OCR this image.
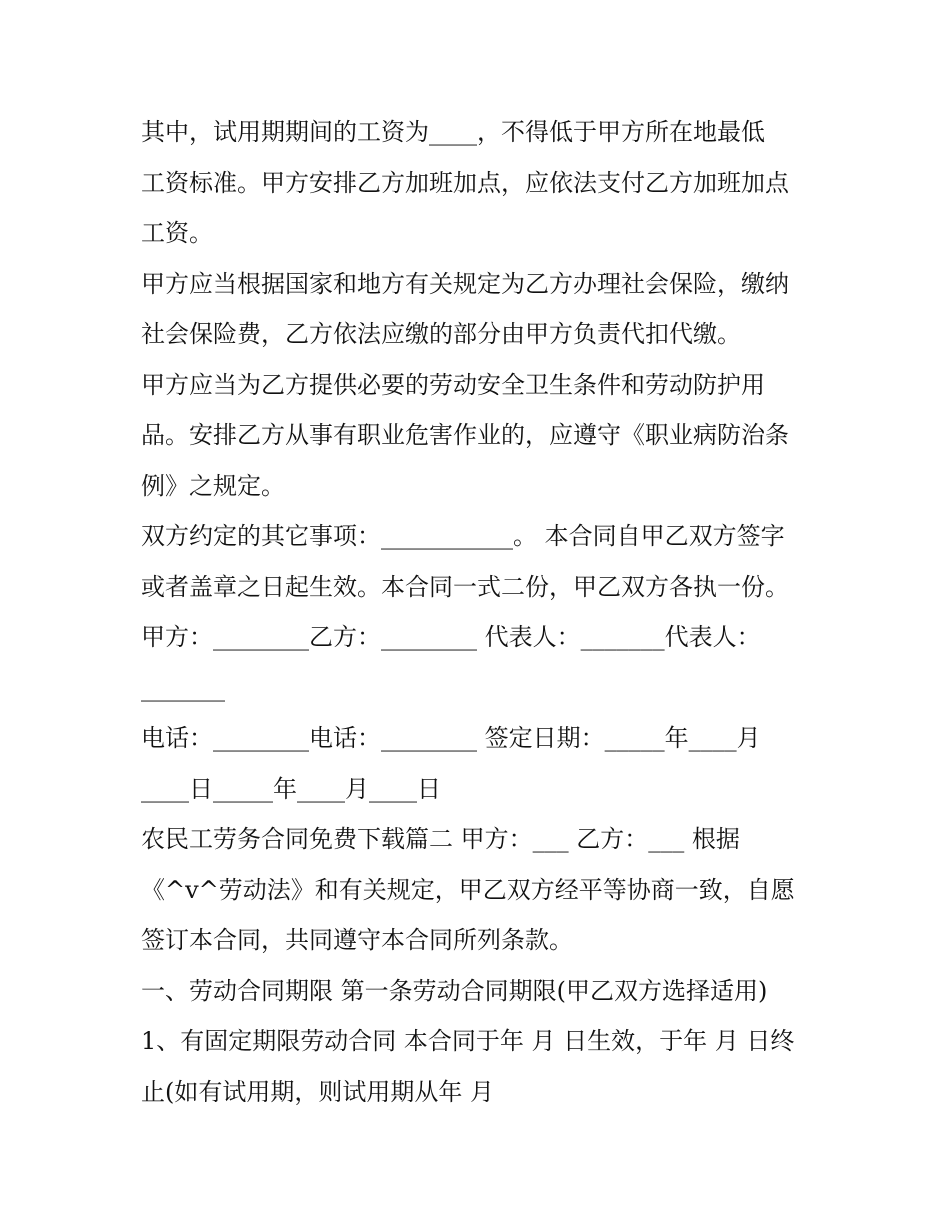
其中，试用期期间的工资为____，不得低于甲方所在地最低
工资标准。甲方安排乙方加班加点，应依法支付乙方加班加点
工资。
甲方应当根据国家和地方有关规定为乙方办理社会保险，缴纳
社会保险费，乙方依法应缴的部分由甲方负责代扣代缴。
甲方应当为乙方提供必要的劳动安全卫生条件和劳动防护用
品。安排乙方从事有职业危害作业的，应遵守《职业病防治条
例》之规定。
双方约定的其它事项：___________。 本合同自甲乙双方签字
或者盖章之日起生效。本合同一式二份，甲乙双方各执一份。
甲方：________乙方：________ 代表人：_______代表人：
_______
电话：________电话：________ 签定日期：_____年____月
____日_____年____月____日
农民工劳务合同免费下载篇二 甲方：___ 乙方：___ 根据
《^v^劳动法》和有关规定，甲乙双方经平等协商一致，自愿
签订本合同，共同遵守本合同所列条款。
一、劳动合同期限 第一条劳动合同期限(甲乙双方选择适用)
1、有固定期限劳动合同 本合同于年 月 日生效，于年 月 日终
止(如有试用期，则试用期从年 月
